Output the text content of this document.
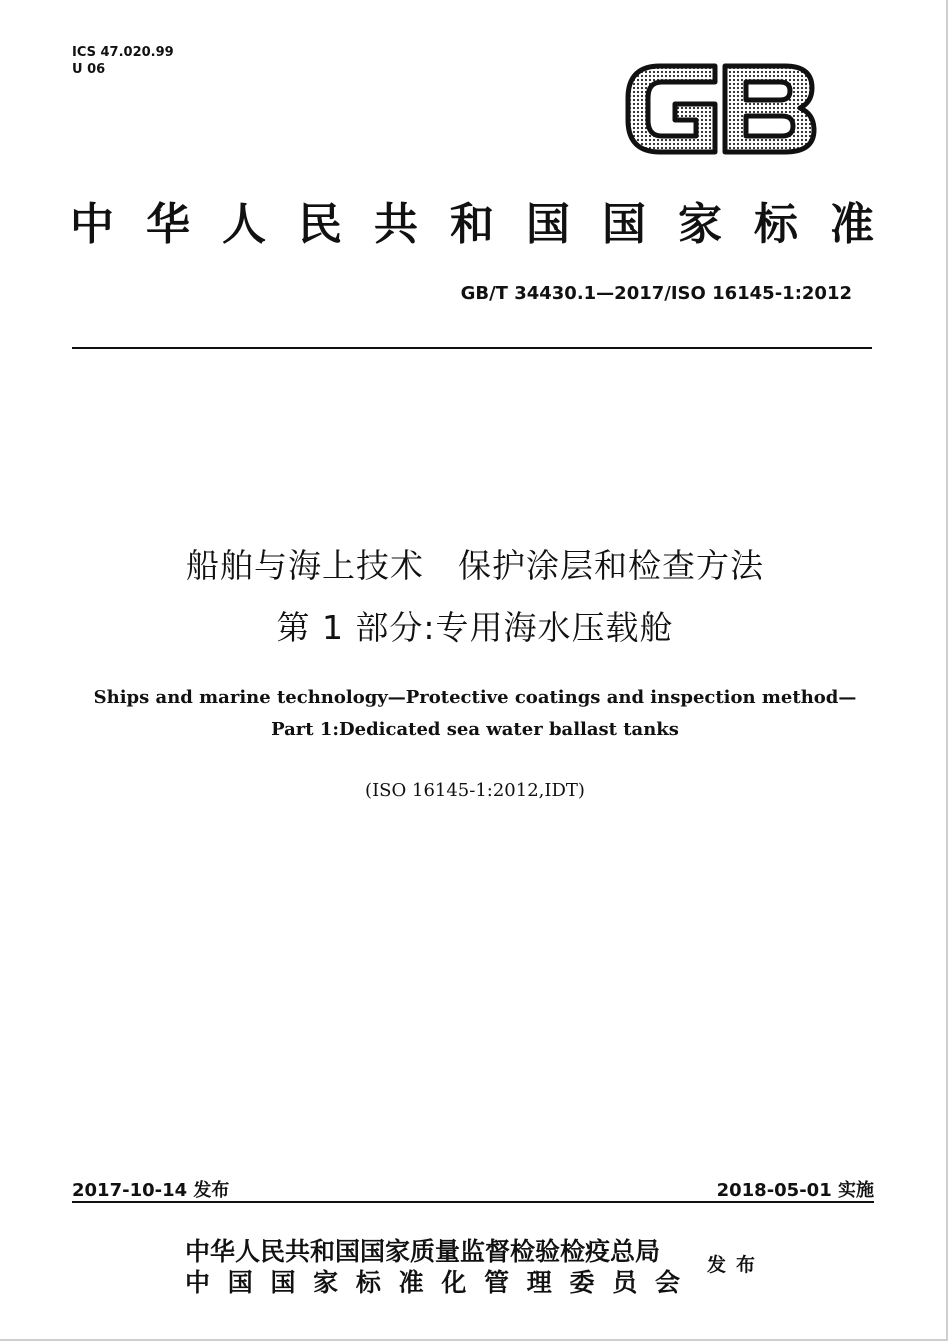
ICS 47.020.99
U 06
GB
中华人民共和国国家标准
GB/T 34430.1—2017/ISO 16145-1:2012
船舶与海上技术　保护涂层和检查方法
第 1 部分:专用海水压载舱
Ships and marine technology—Protective coatings and inspection method—
Part 1:Dedicated sea water ballast tanks
(ISO 16145-1:2012,IDT)
2017-10-14 发布	2018-05-01 实施
中华人民共和国国家质量监督检验检疫总局
中国国家标准化管理委员会
发布
